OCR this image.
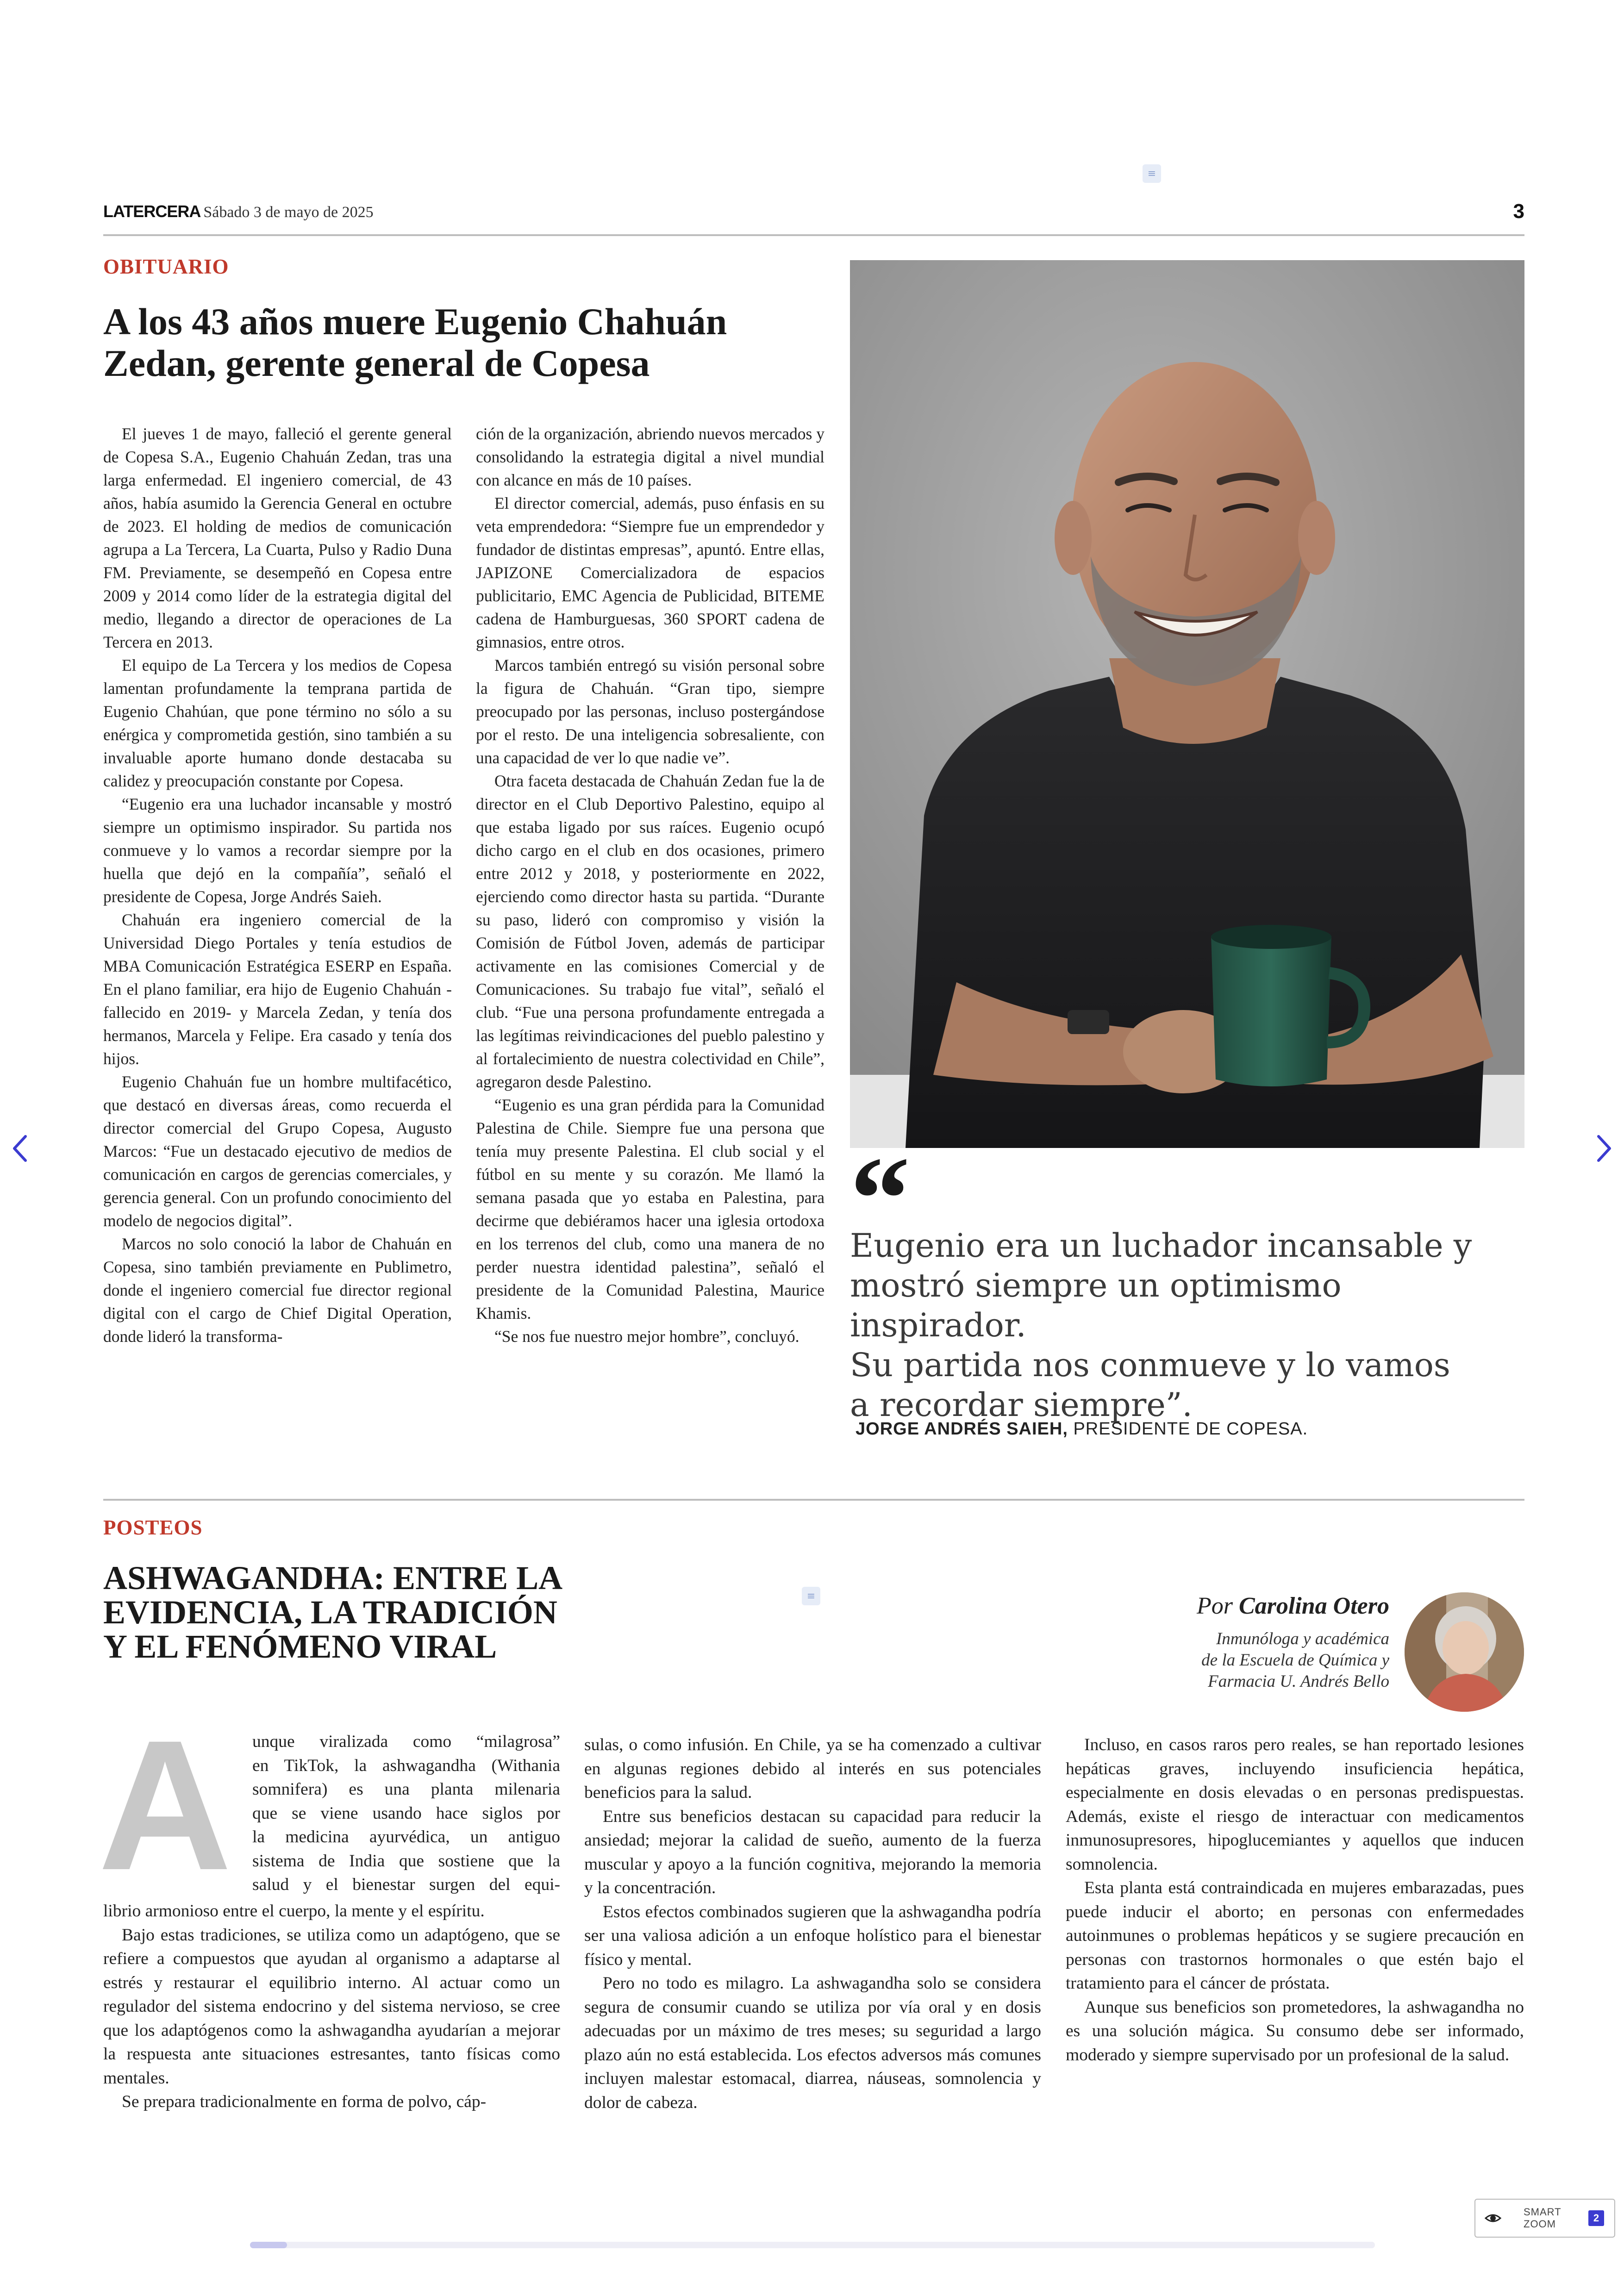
LATERCERA Sábado 3 de mayo de 2025	3
≡
OBITUARIO
A los 43 años muere Eugenio Chahuán
Zedan, gerente general de Copesa

El jueves 1 de mayo, falleció el gerente general de Copesa S.A., Eugenio Chahuán Zedan, tras una larga enfermedad. El ingeniero comercial, de 43 años, había asumido la Gerencia General en octubre de 2023. El holding de medios de comunicación agrupa a La Tercera, La Cuarta, Pulso y Radio Duna FM. Previamente, se desempeñó en Copesa entre 2009 y 2014 como líder de la estrategia digital del medio, llegando a director de operaciones de La Tercera en 2013.

El equipo de La Tercera y los medios de Copesa lamentan profundamente la temprana partida de Eugenio Chahúan, que pone término no sólo a su enérgica y comprometida gestión, sino también a su invaluable aporte humano donde destacaba su calidez y preocupación constante por Copesa.

“Eugenio era una luchador incansable y mostró siempre un optimismo inspirador. Su partida nos conmueve y lo vamos a recordar siempre por la huella que dejó en la compañía”, señaló el presidente de Copesa, Jorge Andrés Saieh.

Chahuán era ingeniero comercial de la Universidad Diego Portales y tenía estudios de MBA Comunicación Estratégica ESERP en España. En el plano familiar, era hijo de Eugenio Chahuán -fallecido en 2019- y Marcela Zedan, y tenía dos hermanos, Marcela y Felipe. Era casado y tenía dos hijos.

Eugenio Chahuán fue un hombre multifacético, que destacó en diversas áreas, como recuerda el director comercial del Grupo Copesa, Augusto Marcos: “Fue un destacado ejecutivo de medios de comunicación en cargos de gerencias comerciales, y gerencia general. Con un profundo conocimiento del modelo de negocios digital”.

Marcos no solo conoció la labor de Chahuán en Copesa, sino también previamente en Publimetro, donde el ingeniero comercial fue director regional digital con el cargo de Chief Digital Operation, donde lideró la transforma-

ción de la organización, abriendo nuevos mercados y consolidando la estrategia digital a nivel mundial con alcance en más de 10 países.

El director comercial, además, puso énfasis en su veta emprendedora: “Siempre fue un emprendedor y fundador de distintas empresas”, apuntó. Entre ellas, JAPIZONE Comercializadora de espacios publicitario, EMC Agencia de Publicidad, BITEME cadena de Hamburguesas, 360 SPORT cadena de gimnasios, entre otros.

Marcos también entregó su visión personal sobre la figura de Chahuán. “Gran tipo, siempre preocupado por las personas, incluso postergándose por el resto. De una inteligencia sobresaliente, con una capacidad de ver lo que nadie ve”.

Otra faceta destacada de Chahuán Zedan fue la de director en el Club Deportivo Palestino, equipo al que estaba ligado por sus raíces. Eugenio ocupó dicho cargo en el club en dos ocasiones, primero entre 2012 y 2018, y posteriormente en 2022, ejerciendo como director hasta su partida. “Durante su paso, lideró con compromiso y visión la Comisión de Fútbol Joven, además de participar activamente en las comisiones Comercial y de Comunicaciones. Su trabajo fue vital”, señaló el club. “Fue una persona profundamente entregada a las legítimas reivindicaciones del pueblo palestino y al fortalecimiento de nuestra colectividad en Chile”, agregaron desde Palestino.

“Eugenio es una gran pérdida para la Comunidad Palestina de Chile. Siempre fue una persona que tenía muy presente Palestina. El club social y el fútbol en su mente y su corazón. Me llamó la semana pasada que yo estaba en Palestina, para decirme que debiéramos hacer una iglesia ortodoxa en los terrenos del club, como una manera de no perder nuestra identidad palestina”, señaló el presidente de la Comunidad Palestina, Maurice Khamis.

“Se nos fue nuestro mejor hombre”, concluyó.

“
Eugenio era un luchador incansable y
mostró siempre un optimismo inspirador.
Su partida nos conmueve y lo vamos
a recordar siempre”.
JORGE ANDRÉS SAIEH, PRESIDENTE DE COPESA.
POSTEOS
ASHWAGANDHA: ENTRE LA
EVIDENCIA, LA TRADICIÓN
Y EL FENÓMENO VIRAL
≡	Por Carolina Otero
Inmunóloga y académica
de la Escuela de Química y
Farmacia U. Andrés Bello
A unque viralizada como “milagrosa”
en TikTok, la ashwagandha (Withania
somnifera) es una planta milenaria
que se viene usando hace siglos por
la medicina ayurvédica, un antiguo
sistema de India que sostiene que la
salud y el bienestar surgen del equi-

librio armonioso entre el cuerpo, la mente y el espíritu.

Bajo estas tradiciones, se utiliza como un adaptógeno, que se refiere a compuestos que ayudan al organismo a adaptarse al estrés y restaurar el equilibrio interno. Al actuar como un regulador del sistema endocrino y del sistema nervioso, se cree que los adaptógenos como la ashwagandha ayudarían a mejorar la respuesta ante situaciones estresantes, tanto físicas como mentales.

Se prepara tradicionalmente en forma de polvo, cáp-

sulas, o como infusión. En Chile, ya se ha comenzado a cultivar en algunas regiones debido al interés en sus potenciales beneficios para la salud.

Entre sus beneficios destacan su capacidad para reducir la ansiedad; mejorar la calidad de sueño, aumento de la fuerza muscular y apoyo a la función cognitiva, mejorando la memoria y la concentración.

Estos efectos combinados sugieren que la ashwagandha podría ser una valiosa adición a un enfoque holístico para el bienestar físico y mental.

Pero no todo es milagro. La ashwagandha solo se considera segura de consumir cuando se utiliza por vía oral y en dosis adecuadas por un máximo de tres meses; su seguridad a largo plazo aún no está establecida. Los efectos adversos más comunes incluyen malestar estomacal, diarrea, náuseas, somnolencia y dolor de cabeza.

Incluso, en casos raros pero reales, se han reportado lesiones hepáticas graves, incluyendo insuficiencia hepática, especialmente en dosis elevadas o en personas predispuestas. Además, existe el riesgo de interactuar con medicamentos inmunosupresores, hipoglucemiantes y aquellos que inducen somnolencia.

Esta planta está contraindicada en mujeres embarazadas, pues puede inducir el aborto; en personas con enfermedades autoinmunes o problemas hepáticos y se sugiere precaución en personas con trastornos hormonales o que estén bajo el tratamiento para el cáncer de próstata.

Aunque sus beneficios son prometedores, la ashwagandha no es una solución mágica. Su consumo debe ser informado, moderado y siempre supervisado por un profesional de la salud.

SMART
ZOOM
2
